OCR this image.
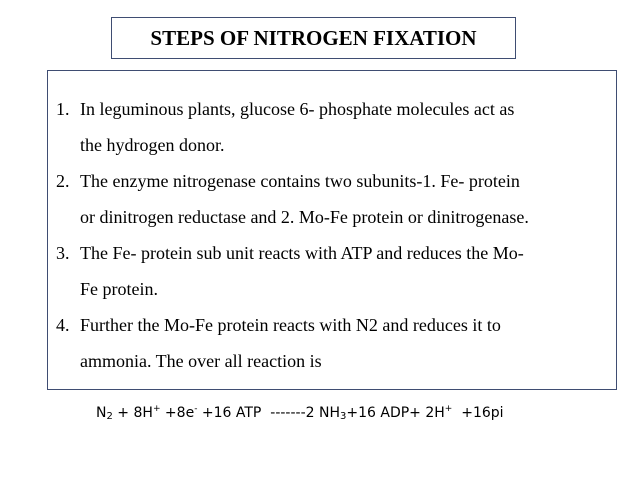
STEPS OF NITROGEN FIXATION
1. In leguminous plants, glucose 6- phosphate molecules act as
the hydrogen donor.
2. The enzyme nitrogenase contains two subunits-1. Fe- protein
or dinitrogen reductase and 2. Mo-Fe protein or dinitrogenase.
3. The Fe- protein sub unit reacts with ATP and reduces the Mo-
Fe protein.
4. Further the Mo-Fe protein reacts with N2 and reduces it to
ammonia. The over all reaction is
$N_2 + 8H^+ +8e^- +16$ ATP  -------2 $NH_3+16$ ADP+ 2H+  +16pi
